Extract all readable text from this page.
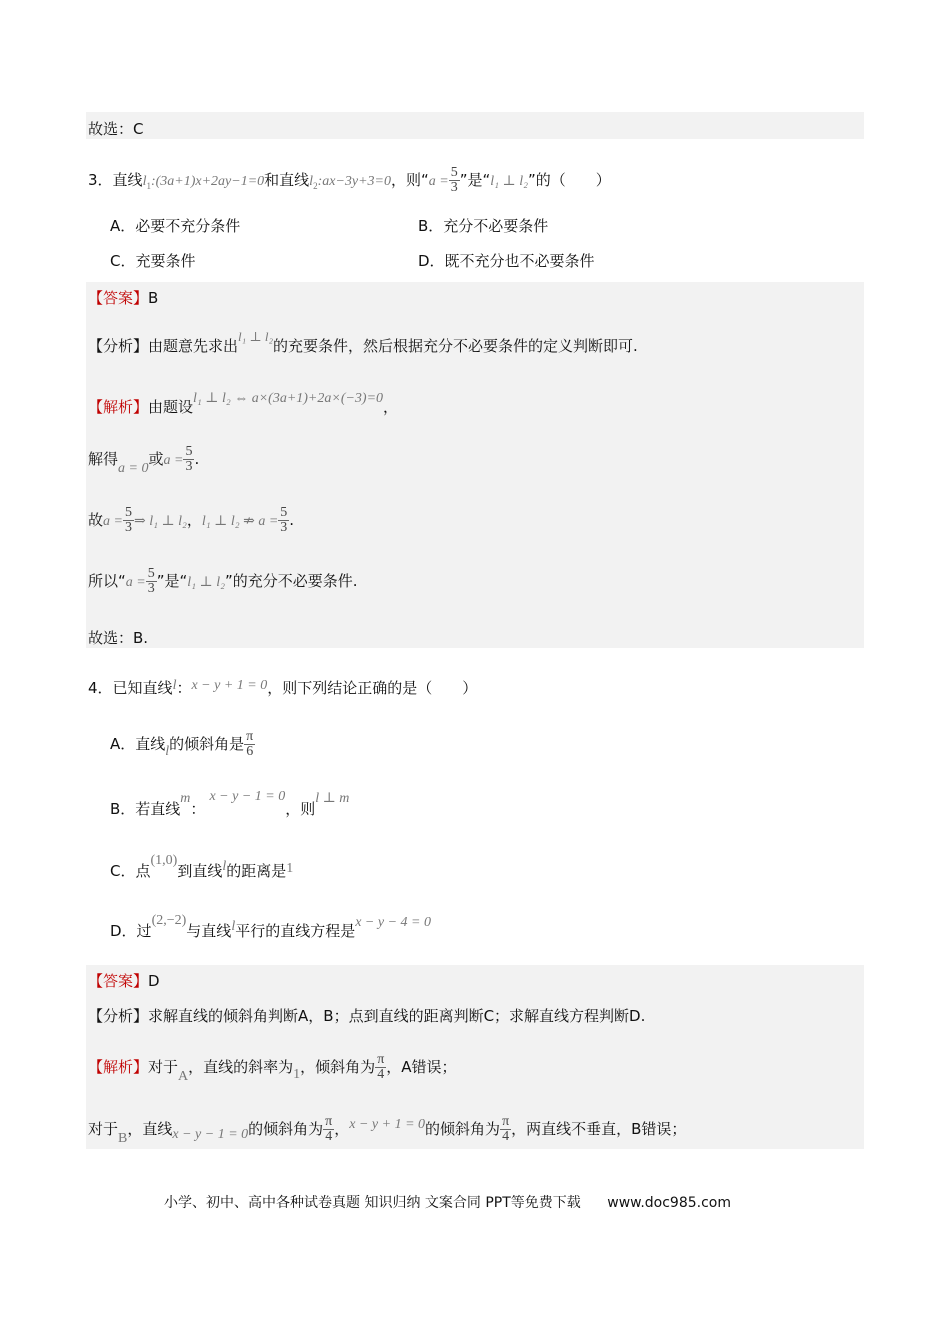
故选：C
3．直线$l_1:(3a+1)x+2ay-1=0$和直线$l_2:ax-3y+3=0$，则“$a = \frac{5}{3}$ ”是“l₁ ⊥ l₂”的（　　）
A．必要不充分条件	B．充分不必要条件
C．充要条件	D．既不充分也不必要条件
【答案】B
【分析】由题意先求出l₁ ⊥ l₂的充要条件，然后根据充分不必要条件的定义判断即可.
【解析】由题设l₁ ⊥ l₂ ⇔ a×(3a+1)+2a×(−3)=0，
解得a = 0或$a = \frac{5}{3}$ .
故$a = \frac{5}{3}$ ⇒ l₁ ⊥ l₂，l₁ ⊥ l₂ ⇏ $a = \frac{5}{3}$ .
所以“$a = \frac{5}{3}$ ”是“l₁ ⊥ l₂”的充分不必要条件.
故选：B.
4．已知直线l：x − y + 1 = 0，则下列结论正确的是（　　）
A．直线l的倾斜角是 $\frac{\pi}{6}$
B．若直线m：x − y − 1 = 0，则l ⊥ m
C．点(1,0)到直线l的距离是1
D．过(2,−2)与直线l平行的直线方程是x − y − 4 = 0
【答案】D
【分析】求解直线的倾斜角判断A，B；点到直线的距离判断C；求解直线方程判断D.
【解析】对于A，直线的斜率为1，倾斜角为 $\frac{\pi}{4}$ ，A错误；
对于B，直线x − y − 1 = 0的倾斜角为 $\frac{\pi}{4}$ ，x − y + 1 = 0的倾斜角为 $\frac{\pi}{4}$ ，两直线不垂直，B错误；
小学、初中、高中各种试卷真题 知识归纳 文案合同 PPT等免费下载 www.doc985.com
